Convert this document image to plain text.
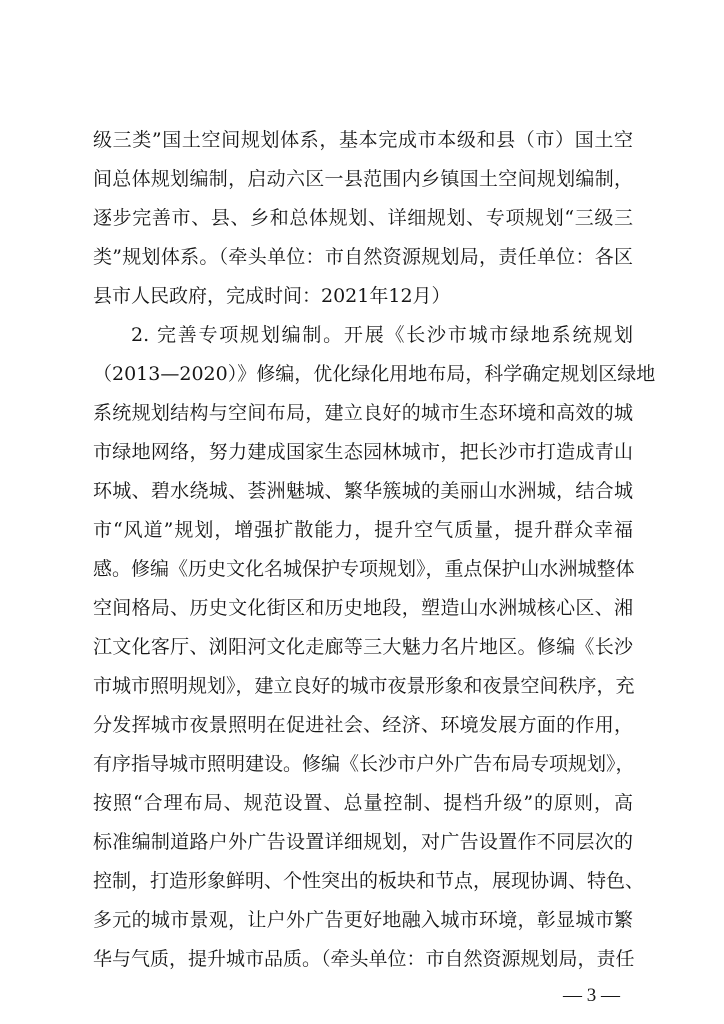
级三类”国土空间规划体系，基本完成市本级和县（市）国土空
间总体规划编制，启动六区一县范围内乡镇国土空间规划编制，
逐步完善市、县、乡和总体规划、详细规划、专项规划“三级三
类”规划体系。（牵头单位：市自然资源规划局，责任单位：各区
县市人民政府，完成时间：2021年12月）
2. 完善专项规划编制。开展《长沙市城市绿地系统规划
（2013—2020）》修编，优化绿化用地布局，科学确定规划区绿地
系统规划结构与空间布局，建立良好的城市生态环境和高效的城
市绿地网络，努力建成国家生态园林城市，把长沙市打造成青山
环城、碧水绕城、荟洲魅城、繁华簇城的美丽山水洲城，结合城
市“风道”规划，增强扩散能力，提升空气质量，提升群众幸福
感。修编《历史文化名城保护专项规划》，重点保护山水洲城整体
空间格局、历史文化街区和历史地段，塑造山水洲城核心区、湘
江文化客厅、浏阳河文化走廊等三大魅力名片地区。修编《长沙
市城市照明规划》，建立良好的城市夜景形象和夜景空间秩序，充
分发挥城市夜景照明在促进社会、经济、环境发展方面的作用，
有序指导城市照明建设。修编《长沙市户外广告布局专项规划》，
按照“合理布局、规范设置、总量控制、提档升级”的原则，高
标准编制道路户外广告设置详细规划，对广告设置作不同层次的
控制，打造形象鲜明、个性突出的板块和节点，展现协调、特色、
多元的城市景观，让户外广告更好地融入城市环境，彰显城市繁
华与气质，提升城市品质。（牵头单位：市自然资源规划局，责任
— 3 —
